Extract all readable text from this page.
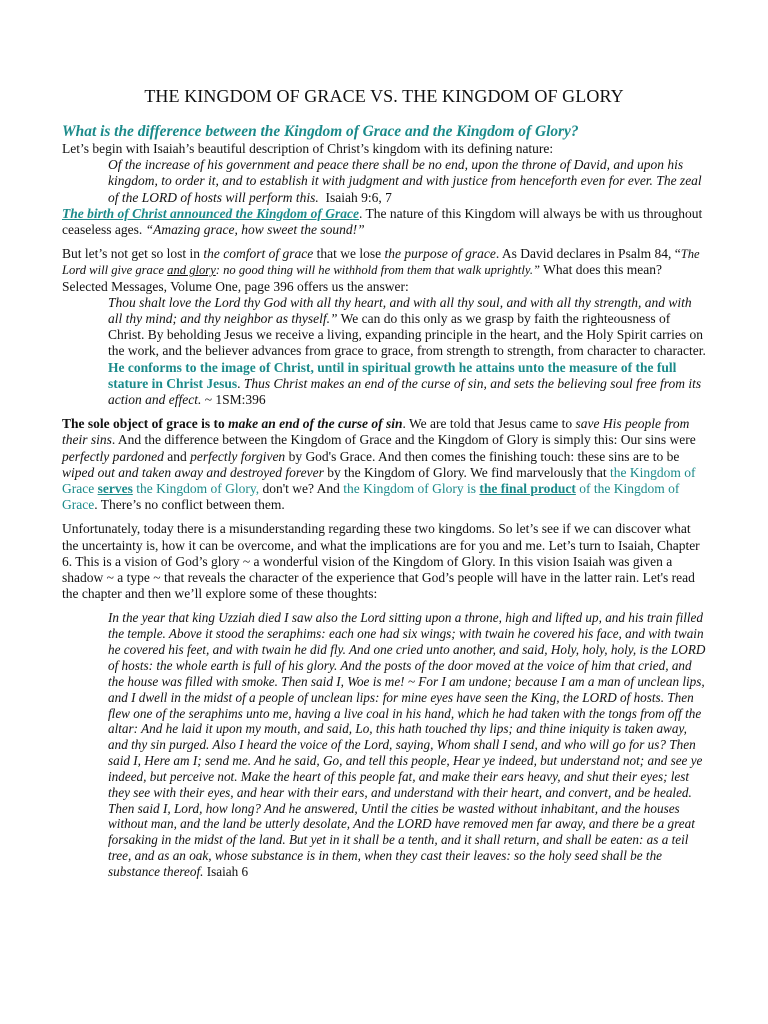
THE KINGDOM OF GRACE VS. THE KINGDOM OF GLORY
What is the difference between the Kingdom of Grace and the Kingdom of Glory?

Let’s begin with Isaiah’s beautiful description of Christ’s kingdom with its defining nature:

Of the increase of his government and peace there shall be no end, upon the throne of David, and upon his kingdom, to order it, and to establish it with judgment and with justice from henceforth even for ever. The zeal of the LORD of hosts will perform this. Isaiah 9:6, 7

The birth of Christ announced the Kingdom of Grace. The nature of this Kingdom will always be with us throughout ceaseless ages. “Amazing grace, how sweet the sound!”

But let’s not get so lost in the comfort of grace that we lose the purpose of grace. As David declares in Psalm 84, “The Lord will give grace and glory: no good thing will he withhold from them that walk uprightly.” What does this mean? Selected Messages, Volume One, page 396 offers us the answer:

Thou shalt love the Lord thy God with all thy heart, and with all thy soul, and with all thy strength, and with all thy mind; and thy neighbor as thyself.” We can do this only as we grasp by faith the righteousness of Christ. By beholding Jesus we receive a living, expanding principle in the heart, and the Holy Spirit carries on the work, and the believer advances from grace to grace, from strength to strength, from character to character. He conforms to the image of Christ, until in spiritual growth he attains unto the measure of the full stature in Christ Jesus. Thus Christ makes an end of the curse of sin, and sets the believing soul free from its action and effect. ~ 1SM:396

The sole object of grace is to make an end of the curse of sin. We are told that Jesus came to save His people from their sins. And the difference between the Kingdom of Grace and the Kingdom of Glory is simply this: Our sins were perfectly pardoned and perfectly forgiven by God's Grace. And then comes the finishing touch: these sins are to be wiped out and taken away and destroyed forever by the Kingdom of Glory. We find marvelously that the Kingdom of Grace serves the Kingdom of Glory, don't we? And the Kingdom of Glory is the final product of the Kingdom of Grace. There’s no conflict between them.

Unfortunately, today there is a misunderstanding regarding these two kingdoms. So let’s see if we can discover what the uncertainty is, how it can be overcome, and what the implications are for you and me. Let’s turn to Isaiah, Chapter 6. This is a vision of God’s glory ~ a wonderful vision of the Kingdom of Glory. In this vision Isaiah was given a shadow ~ a type ~ that reveals the character of the experience that God’s people will have in the latter rain. Let's read the chapter and then we’ll explore some of these thoughts:

In the year that king Uzziah died I saw also the Lord sitting upon a throne, high and lifted up, and his train filled the temple. Above it stood the seraphims: each one had six wings; with twain he covered his face, and with twain he covered his feet, and with twain he did fly. And one cried unto another, and said, Holy, holy, holy, is the LORD of hosts: the whole earth is full of his glory. And the posts of the door moved at the voice of him that cried, and the house was filled with smoke. Then said I, Woe is me! ~ For I am undone; because I am a man of unclean lips, and I dwell in the midst of a people of unclean lips: for mine eyes have seen the King, the LORD of hosts. Then flew one of the seraphims unto me, having a live coal in his hand, which he had taken with the tongs from off the altar: And he laid it upon my mouth, and said, Lo, this hath touched thy lips; and thine iniquity is taken away, and thy sin purged. Also I heard the voice of the Lord, saying, Whom shall I send, and who will go for us? Then said I, Here am I; send me. And he said, Go, and tell this people, Hear ye indeed, but understand not; and see ye indeed, but perceive not. Make the heart of this people fat, and make their ears heavy, and shut their eyes; lest they see with their eyes, and hear with their ears, and understand with their heart, and convert, and be healed. Then said I, Lord, how long? And he answered, Until the cities be wasted without inhabitant, and the houses without man, and the land be utterly desolate, And the LORD have removed men far away, and there be a great forsaking in the midst of the land. But yet in it shall be a tenth, and it shall return, and shall be eaten: as a teil tree, and as an oak, whose substance is in them, when they cast their leaves: so the holy seed shall be the substance thereof. Isaiah 6
